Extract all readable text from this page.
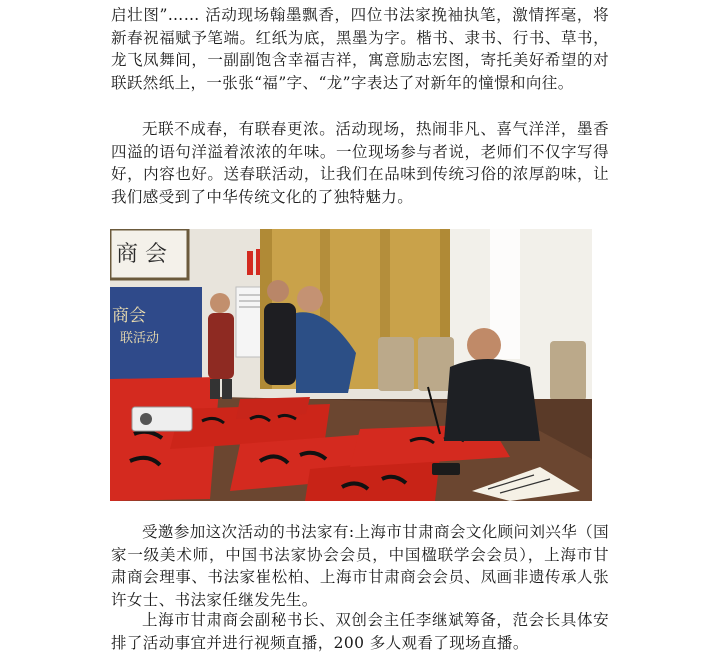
启壮图”…… 活动现场翰墨飘香，四位书法家挽袖执笔，激情挥毫，将新春祝福赋予笔端。红纸为底，黑墨为字。楷书、隶书、行书、草书，龙飞凤舞间，一副副饱含幸福吉祥，寓意励志宏图，寄托美好希望的对联跃然纸上，一张张“福”字、“龙”字表达了对新年的憧憬和向往。

无联不成春，有联春更浓。活动现场，热闹非凡、喜气洋洋，墨香四溢的语句洋溢着浓浓的年味。一位现场参与者说，老师们不仅字写得好，内容也好。送春联活动，让我们在品味到传统习俗的浓厚韵味，让我们感受到了中华传统文化的了独特魅力。

商 会
商会
联活动

受邀参加这次活动的书法家有:上海市甘肃商会文化顾问刘兴华（国家一级美术师，中国书法家协会会员，中国楹联学会会员），上海市甘肃商会理事、书法家崔松柏、上海市甘肃商会会员、凤画非遗传承人张许女士、书法家任继发先生。

上海市甘肃商会副秘书长、双创会主任李继斌筹备，范会长具体安排了活动事宜并进行视频直播，200 多人观看了现场直播。
